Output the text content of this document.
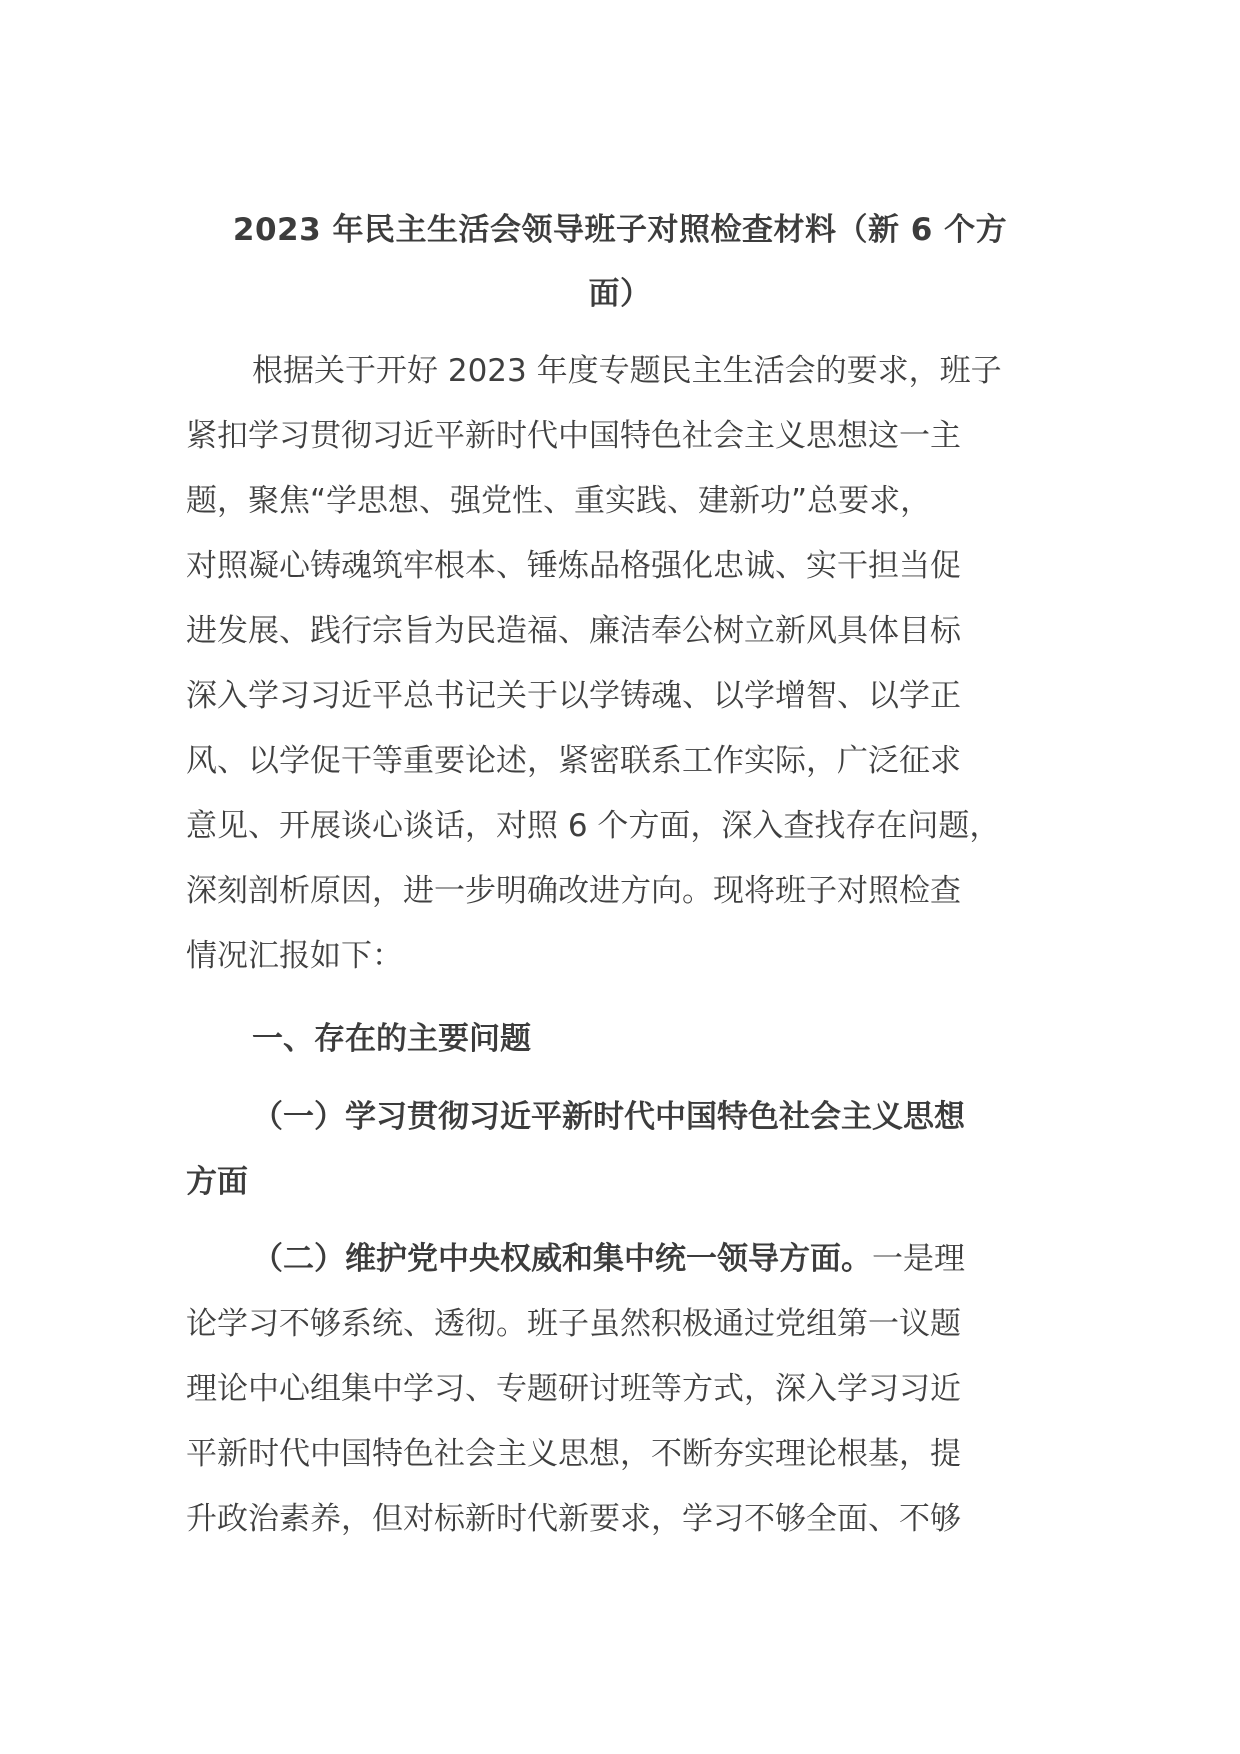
2023 年民主生活会领导班子对照检查材料（新 6 个方
面）
根据关于开好 2023 年度专题民主生活会的要求，班子
紧扣学习贯彻习近平新时代中国特色社会主义思想这一主
题，聚焦“学思想、强党性、重实践、建新功”总要求，
对照凝心铸魂筑牢根本、锤炼品格强化忠诚、实干担当促
进发展、践行宗旨为民造福、廉洁奉公树立新风具体目标
深入学习习近平总书记关于以学铸魂、以学增智、以学正
风、以学促干等重要论述，紧密联系工作实际，广泛征求
意见、开展谈心谈话，对照 6 个方面，深入查找存在问题，
深刻剖析原因，进一步明确改进方向。现将班子对照检查
情况汇报如下：
一、存在的主要问题
（一）学习贯彻习近平新时代中国特色社会主义思想
方面
（二）维护党中央权威和集中统一领导方面。一是理
论学习不够系统、透彻。班子虽然积极通过党组第一议题
理论中心组集中学习、专题研讨班等方式，深入学习习近
平新时代中国特色社会主义思想，不断夯实理论根基，提
升政治素养，但对标新时代新要求，学习不够全面、不够
